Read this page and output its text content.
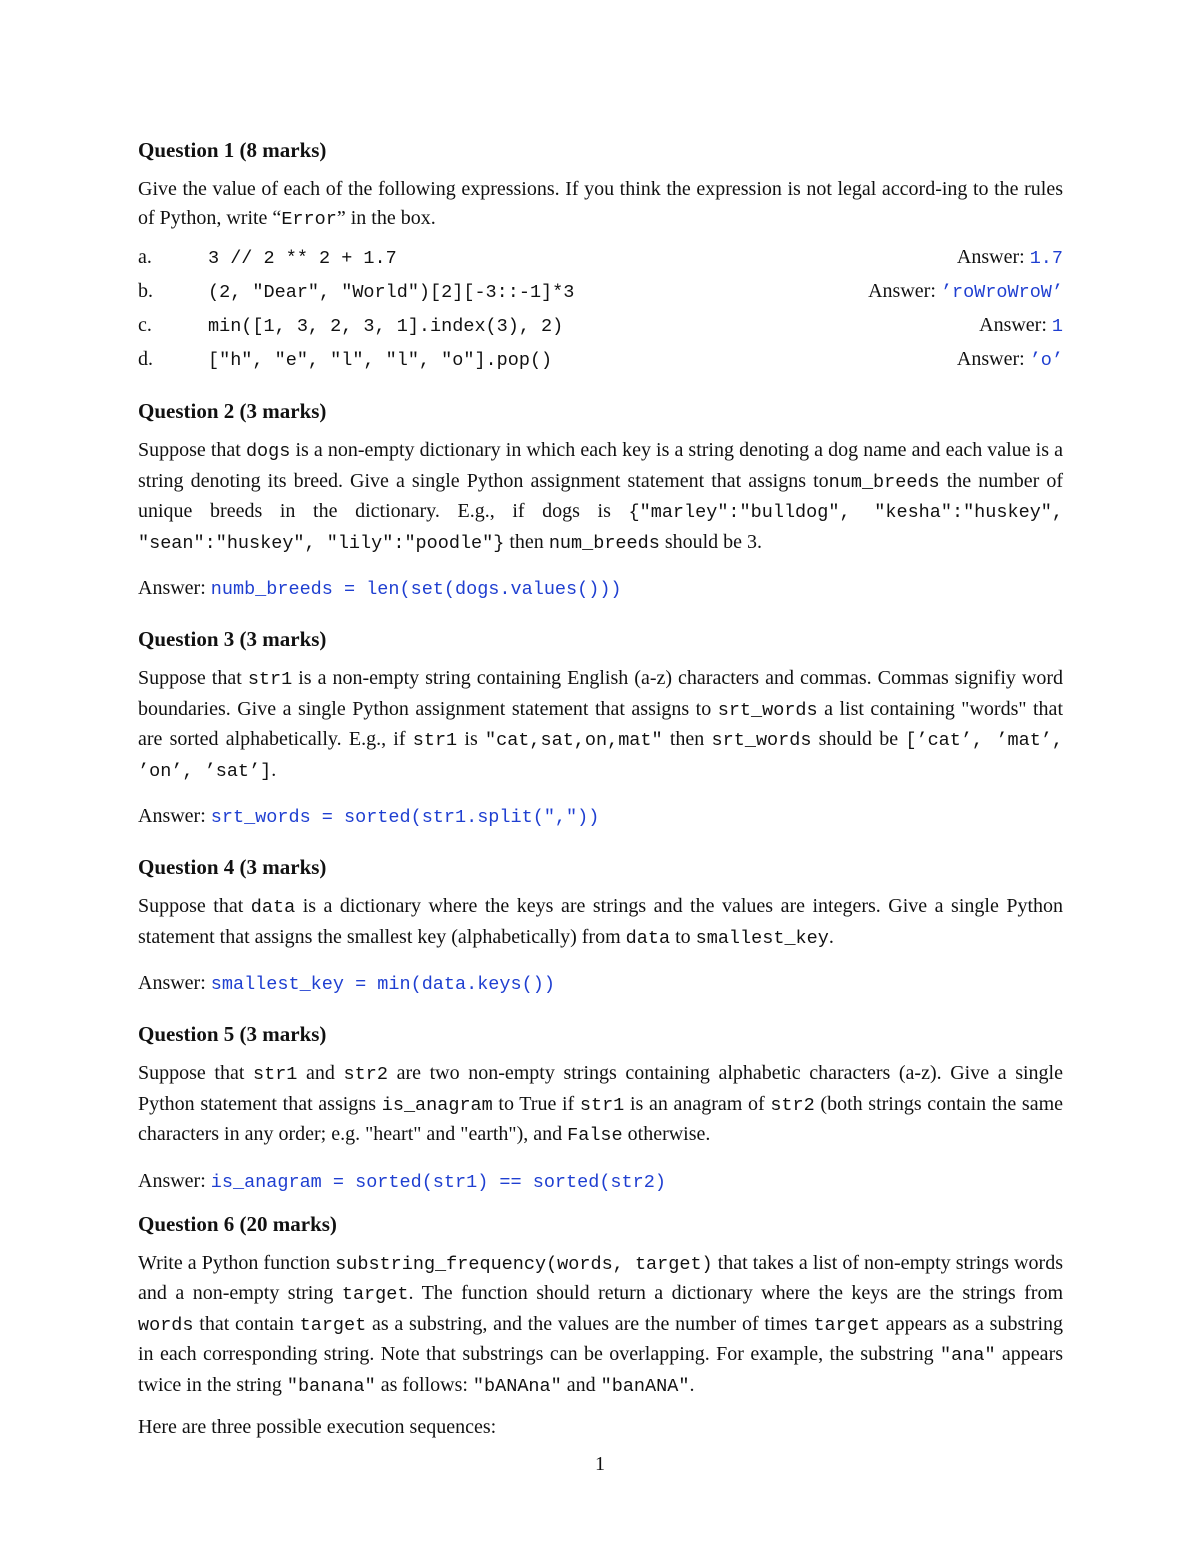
Question 1 (8 marks)

Give the value of each of the following expressions. If you think the expression is not legal accord-ing to the rules of Python, write “Error” in the box.

a.	3 // 2 ** 2 + 1.7	Answer: 1.7
b.	(2, "Dear", "World")[2][-3::-1]*3	Answer: ’roWroWroW’
c.	min([1, 3, 2, 3, 1].index(3), 2)	Answer: 1
d.	["h", "e", "l", "l", "o"].pop()	Answer: ’o’

Question 2 (3 marks)

Suppose that dogs is a non-empty dictionary in which each key is a string denoting a dog name and each value is a string denoting its breed. Give a single Python assignment statement that assigns tonum_breeds the number of unique breeds in the dictionary. E.g., if dogs is {"marley":"bulldog", "kesha":"huskey", "sean":"huskey", "lily":"poodle"} then num_breeds should be 3.

Answer: numb_breeds = len(set(dogs.values()))

Question 3 (3 marks)

Suppose that str1 is a non-empty string containing English (a-z) characters and commas. Commas signifiy word boundaries. Give a single Python assignment statement that assigns to srt_words a list containing "words" that are sorted alphabetically. E.g., if str1 is "cat,sat,on,mat" then srt_words should be [’cat’, ’mat’, ’on’, ’sat’].

Answer: srt_words = sorted(str1.split(","))

Question 4 (3 marks)

Suppose that data is a dictionary where the keys are strings and the values are integers. Give a single Python statement that assigns the smallest key (alphabetically) from data to smallest_key.

Answer: smallest_key = min(data.keys())

Question 5 (3 marks)

Suppose that str1 and str2 are two non-empty strings containing alphabetic characters (a-z). Give a single Python statement that assigns is_anagram to True if str1 is an anagram of str2 (both strings contain the same characters in any order; e.g. "heart" and "earth"), and False otherwise.

Answer: is_anagram = sorted(str1) == sorted(str2)

Question 6 (20 marks)

Write a Python function substring_frequency(words, target) that takes a list of non-empty strings words and a non-empty string target. The function should return a dictionary where the keys are the strings from words that contain target as a substring, and the values are the number of times target appears as a substring in each corresponding string. Note that substrings can be overlapping. For example, the substring "ana" appears twice in the string "banana" as follows: "bANAna" and "banANA".

Here are three possible execution sequences:

1
